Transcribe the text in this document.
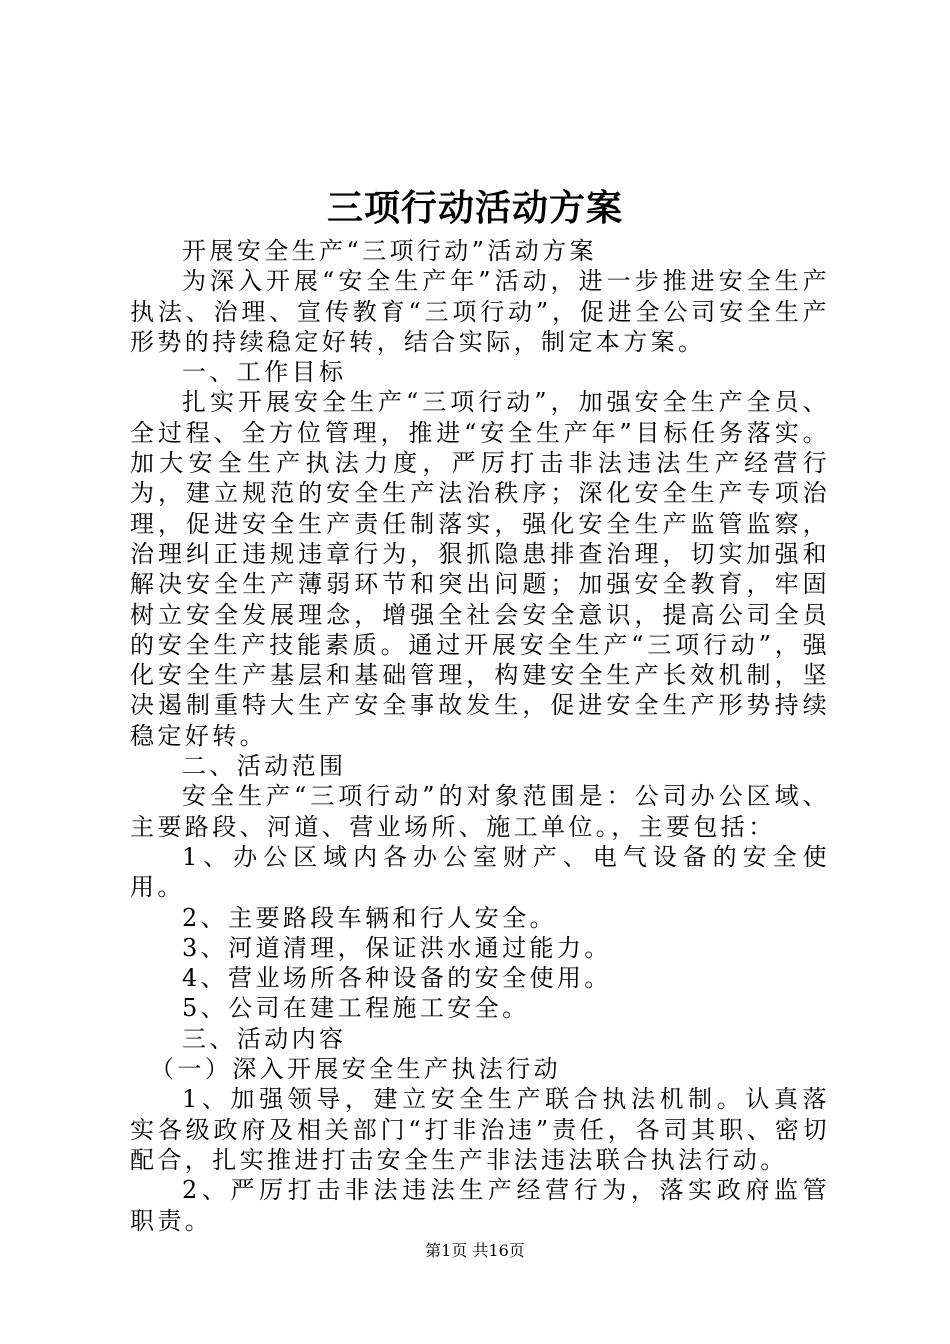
三项行动活动方案

开展安全生产“三项行动”活动方案

为深入开展“安全生产年”活动，进一步推进安全生产执法、治理、宣传教育“三项行动”，促进全公司安全生产形势的持续稳定好转，结合实际，制定本方案。

一、工作目标

扎实开展安全生产“三项行动”，加强安全生产全员、全过程、全方位管理，推进“安全生产年”目标任务落实。加大安全生产执法力度，严厉打击非法违法生产经营行为，建立规范的安全生产法治秩序；深化安全生产专项治理，促进安全生产责任制落实，强化安全生产监管监察，治理纠正违规违章行为，狠抓隐患排查治理，切实加强和解决安全生产薄弱环节和突出问题；加强安全教育，牢固树立安全发展理念，增强全社会安全意识，提高公司全员的安全生产技能素质。通过开展安全生产“三项行动”，强化安全生产基层和基础管理，构建安全生产长效机制，坚决遏制重特大生产安全事故发生，促进安全生产形势持续稳定好转。

二、活动范围

安全生产“三项行动”的对象范围是：公司办公区域、主要路段、河道、营业场所、施工单位。，主要包括：

1、办公区域内各办公室财产、电气设备的安全使用。

2、主要路段车辆和行人安全。

3、河道清理，保证洪水通过能力。

4、营业场所各种设备的安全使用。

5、公司在建工程施工安全。

三、活动内容

（一）深入开展安全生产执法行动

1、加强领导，建立安全生产联合执法机制。认真落实各级政府及相关部门“打非治违”责任，各司其职、密切配合，扎实推进打击安全生产非法违法联合执法行动。

2、严厉打击非法违法生产经营行为，落实政府监管职责。

第1页 共16页
